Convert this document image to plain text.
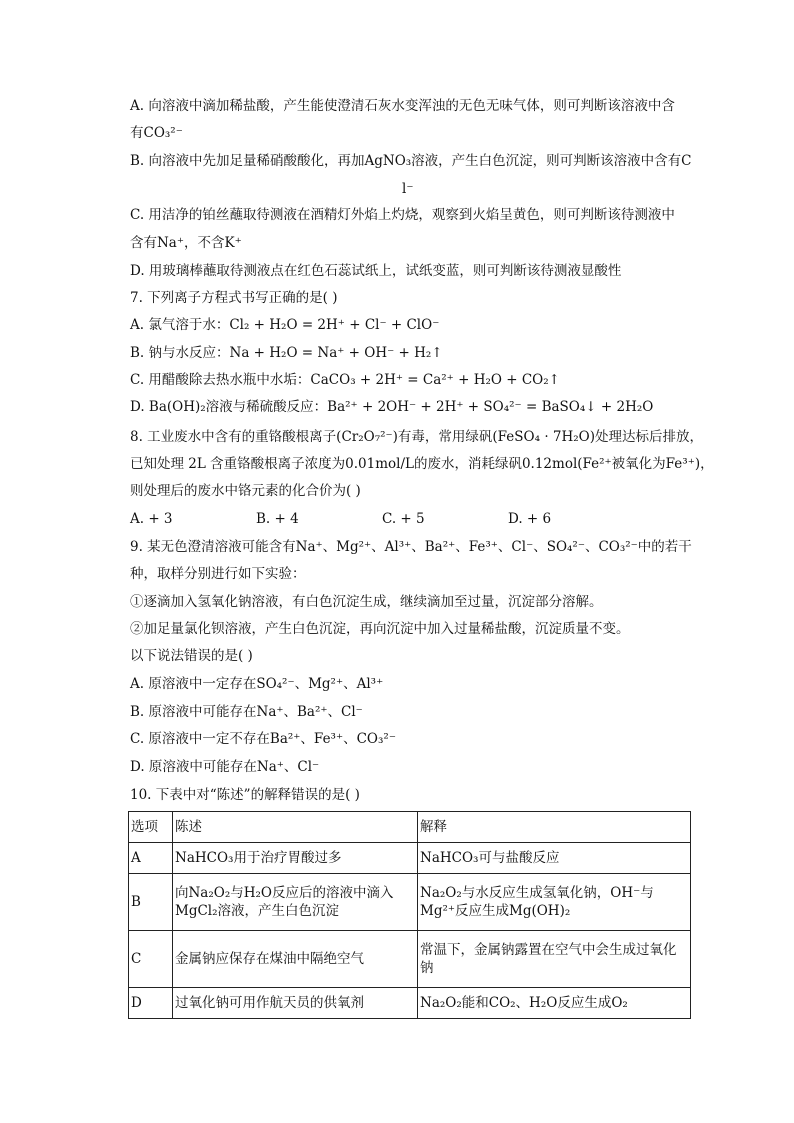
A. 向溶液中滴加稀盐酸，产生能使澄清石灰水变浑浊的无色无味气体，则可判断该溶液中含
有CO₃²⁻
B. 向溶液中先加足量稀硝酸酸化，再加AgNO₃溶液，产生白色沉淀，则可判断该溶液中含有C
l⁻
C. 用洁净的铂丝蘸取待测液在酒精灯外焰上灼烧，观察到火焰呈黄色，则可判断该待测液中
含有Na⁺，不含K⁺
D. 用玻璃棒蘸取待测液点在红色石蕊试纸上，试纸变蓝，则可判断该待测液显酸性
7. 下列离子方程式书写正确的是( )
A. 氯气溶于水：Cl₂ + H₂O = 2H⁺ + Cl⁻ + ClO⁻
B. 钠与水反应：Na + H₂O = Na⁺ + OH⁻ + H₂↑
C. 用醋酸除去热水瓶中水垢：CaCO₃ + 2H⁺ = Ca²⁺ + H₂O + CO₂↑
D. Ba(OH)₂溶液与稀硫酸反应：Ba²⁺ + 2OH⁻ + 2H⁺ + SO₄²⁻ = BaSO₄↓ + 2H₂O
8. 工业废水中含有的重铬酸根离子(Cr₂O₇²⁻)有毒，常用绿矾(FeSO₄ · 7H₂O)处理达标后排放，
已知处理 2L 含重铬酸根离子浓度为0.01mol/L的废水，消耗绿矾0.12mol(Fe²⁺被氧化为Fe³⁺)，
则处理后的废水中铬元素的化合价为( )
A. + 3	B. + 4	C. + 5	D. + 6
9. 某无色澄清溶液可能含有Na⁺、Mg²⁺、Al³⁺、Ba²⁺、Fe³⁺、Cl⁻、SO₄²⁻、CO₃²⁻中的若干
种，取样分别进行如下实验：
①逐滴加入氢氧化钠溶液，有白色沉淀生成，继续滴加至过量，沉淀部分溶解。
②加足量氯化钡溶液，产生白色沉淀，再向沉淀中加入过量稀盐酸，沉淀质量不变。
以下说法错误的是( )
A. 原溶液中一定存在SO₄²⁻、Mg²⁺、Al³⁺
B. 原溶液中可能存在Na⁺、Ba²⁺、Cl⁻
C. 原溶液中一定不存在Ba²⁺、Fe³⁺、CO₃²⁻
D. 原溶液中可能存在Na⁺、Cl⁻
10. 下表中对“陈述”的解释错误的是( )
选项	陈述	解释
A	NaHCO₃用于治疗胃酸过多	NaHCO₃可与盐酸反应
B	向Na₂O₂与H₂O反应后的溶液中滴入MgCl₂溶液，产生白色沉淀	Na₂O₂与水反应生成氢氧化钠，OH⁻与Mg²⁺反应生成Mg(OH)₂
C	金属钠应保存在煤油中隔绝空气	常温下，金属钠露置在空气中会生成过氧化钠
D	过氧化钠可用作航天员的供氧剂	Na₂O₂能和CO₂、H₂O反应生成O₂
